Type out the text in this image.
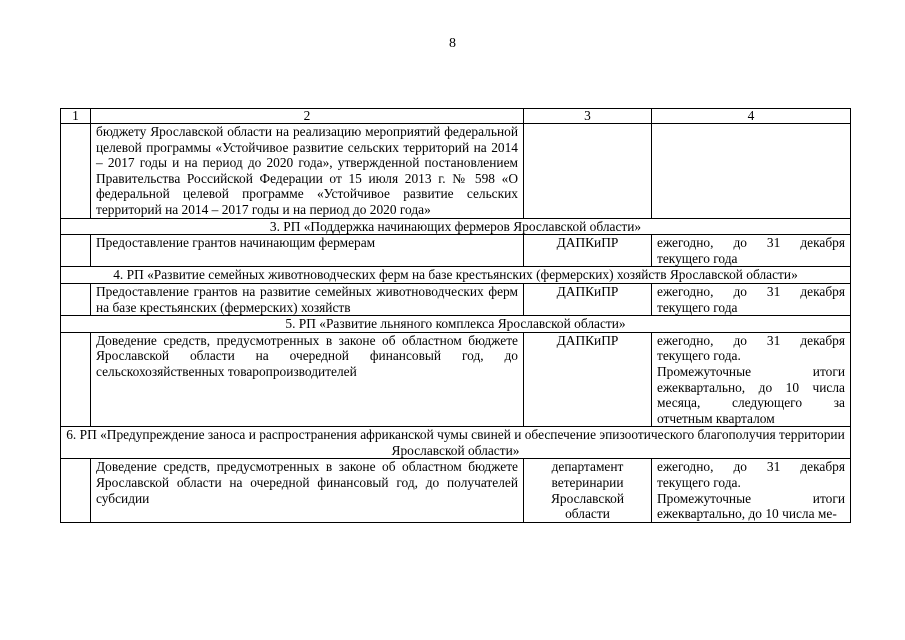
8
1	2	3	4
	бюджету Ярославской области на реализацию мероприятий федеральной целевой программы «Устойчивое развитие сельских территорий на 2014 – 2017 годы и на период до 2020 года», утвержденной постановлением Правительства Российской Федерации от 15 июля 2013 г. № 598 «О федеральной целевой программе «Устойчивое развитие сельских территорий на 2014 – 2017 годы и на период до 2020 года»		
3. РП «Поддержка начинающих фермеров Ярославской области»			
	Предоставление грантов начинающим фермерам	ДАПКиПР	ежегодно, до 31 декабря текущего года
4. РП «Развитие семейных животноводческих ферм на базе крестьянских (фермерских) хозяйств Ярославской области»			
	Предоставление грантов на развитие семейных животноводческих ферм на базе крестьянских (фермерских) хозяйств	ДАПКиПР	ежегодно, до 31 декабря текущего года
5. РП «Развитие льняного комплекса Ярославской области»			
	Доведение средств, предусмотренных в законе об областном бюджете Ярославской области на очередной финансовый год, до сельскохозяйственных товаропроизводителей	ДАПКиПР	ежегодно, до 31 декабря текущего года.
Промежуточные итоги ежеквартально, до 10 числа месяца, следующего за отчетным кварталом

6. РП «Предупреждение заноса и распространения африканской чумы свиней и обеспечение эпизоотического благополучия территории Ярославской области»			
	Доведение средств, предусмотренных в законе об областном бюджете Ярославской области на очередной финансовый год, до получателей субсидии	департамент ветеринарии Ярославской области	ежегодно, до 31 декабря текущего года.
Промежуточные итоги ежеквартально, до 10 числа ме-
